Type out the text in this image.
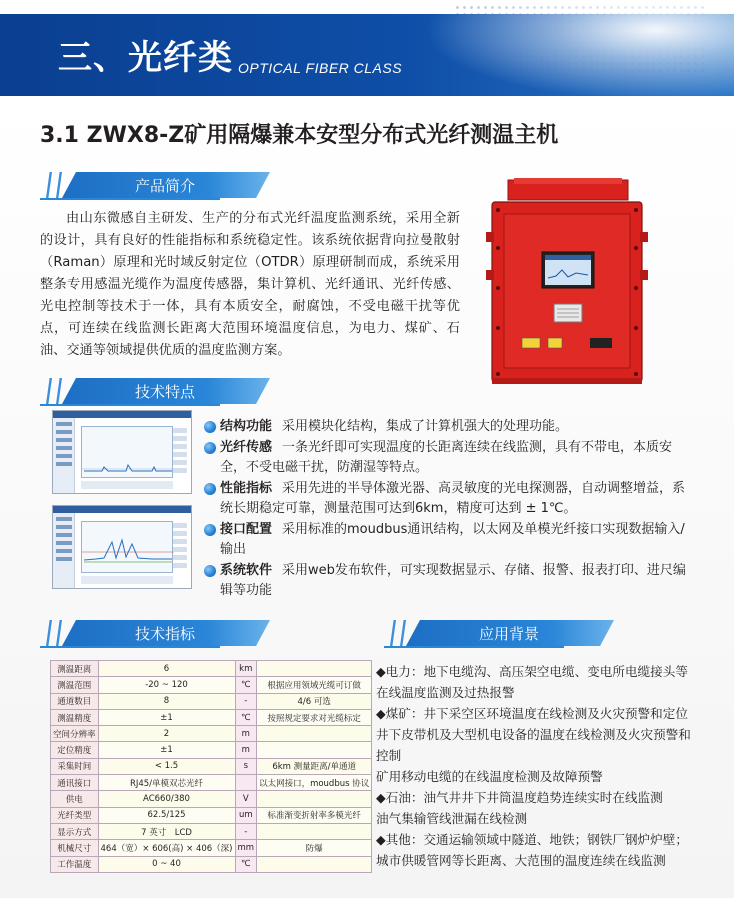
三、光纤类 OPTICAL FIBER CLASS
3.1 ZWX8-Z矿用隔爆兼本安型分布式光纤测温主机
产品简介

由山东微感自主研发、生产的分布式光纤温度监测系统，采用全新的设计，具有良好的性能指标和系统稳定性。该系统依据背向拉曼散射（Raman）原理和光时域反射定位（OTDR）原理研制而成，系统采用整条专用感温光缆作为温度传感器，集计算机、光纤通讯、光纤传感、光电控制等技术于一体，具有本质安全，耐腐蚀，不受电磁干扰等优点，可连续在线监测长距离大范围环境温度信息，为电力、煤矿、石油、交通等领域提供优质的温度监测方案。

技术特点
结构功能 采用模块化结构，集成了计算机强大的处理功能。
光纤传感 一条光纤即可实现温度的长距离连续在线监测，具有不带电，本质安全，不受电磁干扰，防潮湿等特点。
性能指标 采用先进的半导体激光器、高灵敏度的光电探测器，自动调整增益，系统长期稳定可靠，测量范围可达到6km，精度可达到 ± 1℃。
接口配置 采用标准的moudbus通讯结构，以太网及单模光纤接口实现数据输入/输出
系统软件 采用web发布软件，可实现数据显示、存储、报警、报表打印、进尺编辑等功能
技术指标	应用背景
测温距离	6	km	
测温范围	-20 ~ 120	℃	根据应用领域光缆可订做
通道数目	8	-	4/6 可选
测温精度	±1	℃	按照规定要求对光缆标定
空间分辨率	2	m	
定位精度	±1	m	
采集时间	< 1.5	s	6km 测量距离/单通道
通讯接口	RJ45/单模双芯光纤		以太网接口，moudbus 协议
供电	AC660/380	V	
光纤类型	62.5/125	um	标准渐变折射率多模光纤
显示方式	7 英寸　LCD	-	
机械尺寸	464（宽）× 606(高) × 406（深)	mm	防爆
工作温度	0 ~ 40	℃	
◆电力：地下电缆沟、高压架空电缆、变电所电缆接头等
在线温度监测及过热报警
◆煤矿：井下采空区环境温度在线检测及火灾预警和定位
井下皮带机及大型机电设备的温度在线检测及火灾预警和
控制
矿用移动电缆的在线温度检测及故障预警
◆石油：油气井井下井筒温度趋势连续实时在线监测
油气集输管线泄漏在线检测
◆其他：交通运输领域中隧道、地铁；钢铁厂钢炉炉壁；
城市供暖管网等长距离、大范围的温度连续在线监测
